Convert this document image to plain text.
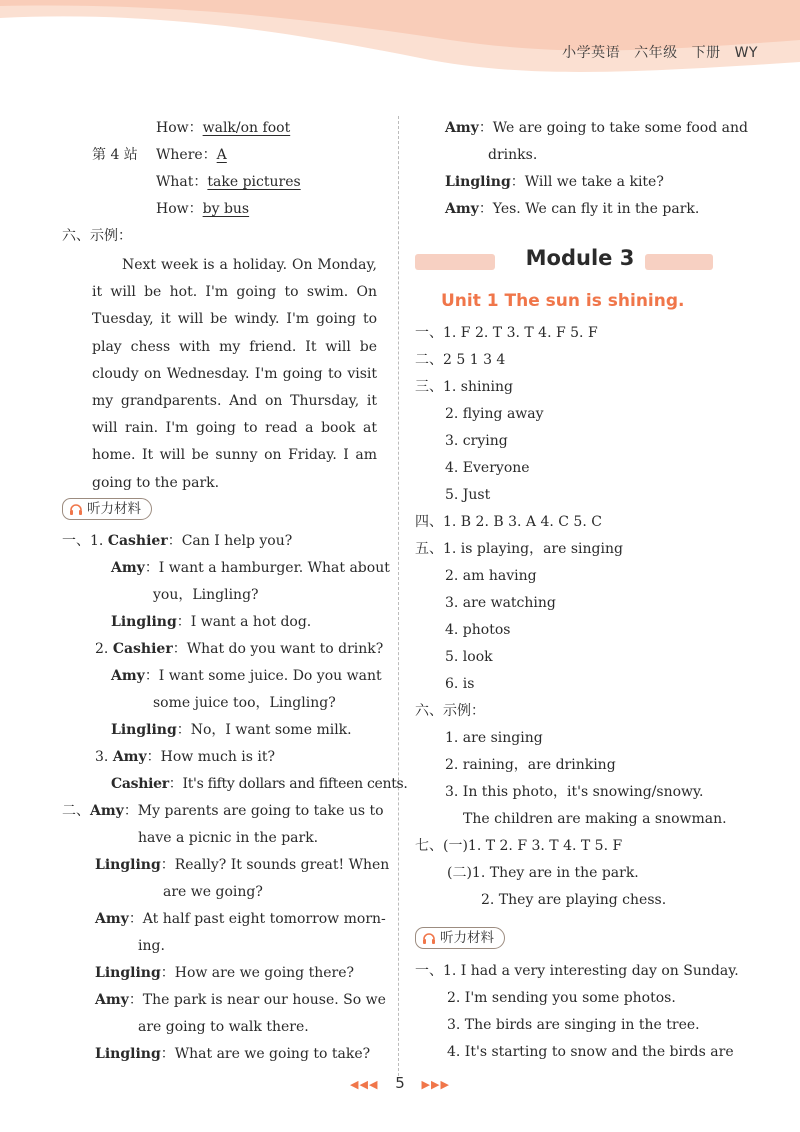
小学英语 六年级 下册 WY
How：walk/on foot
第 4 站 Where：A
What：take pictures
How：by bus
六、示例：

Next week is a holiday. On Monday, it will be hot. I'm going to swim. On Tuesday, it will be windy. I'm going to play chess with my friend. It will be cloudy on Wednesday. I'm going to visit my grandparents. And on Thursday, it will rain. I'm going to read a book at home. It will be sunny on Friday. I am going to the park.

听力材料
一、1. Cashier：Can I help you?
Amy：I want a hamburger. What about
you，Lingling?
Lingling：I want a hot dog.
2. Cashier：What do you want to drink?
Amy：I want some juice. Do you want
some juice too，Lingling?
Lingling：No，I want some milk.
3. Amy：How much is it?
Cashier：It's fifty dollars and fifteen cents.
二、Amy：My parents are going to take us to
have a picnic in the park.
Lingling：Really? It sounds great! When
are we going?
Amy：At half past eight tomorrow morn-
ing.
Lingling：How are we going there?
Amy：The park is near our house. So we
are going to walk there.
Lingling：What are we going to take?
Amy：We are going to take some food and
drinks.
Lingling：Will we take a kite?
Amy：Yes. We can fly it in the park.
Module 3
Unit 1 The sun is shining.
一、1. F 2. T 3. T 4. F 5. F
二、2 5 1 3 4
三、1. shining
2. flying away
3. crying
4. Everyone
5. Just
四、1. B 2. B 3. A 4. C 5. C
五、1. is playing，are singing
2. am having
3. are watching
4. photos
5. look
6. is
六、示例：
1. are singing
2. raining，are drinking
3. In this photo，it's snowing/snowy.
The children are making a snowman.
七、(一)1. T 2. F 3. T 4. T 5. F
(二)1. They are in the park.
2. They are playing chess.
听力材料
一、1. I had a very interesting day on Sunday.
2. I'm sending you some photos.
3. The birds are singing in the tree.
4. It's starting to snow and the birds are
◀◀◀ 5 ▶▶▶
